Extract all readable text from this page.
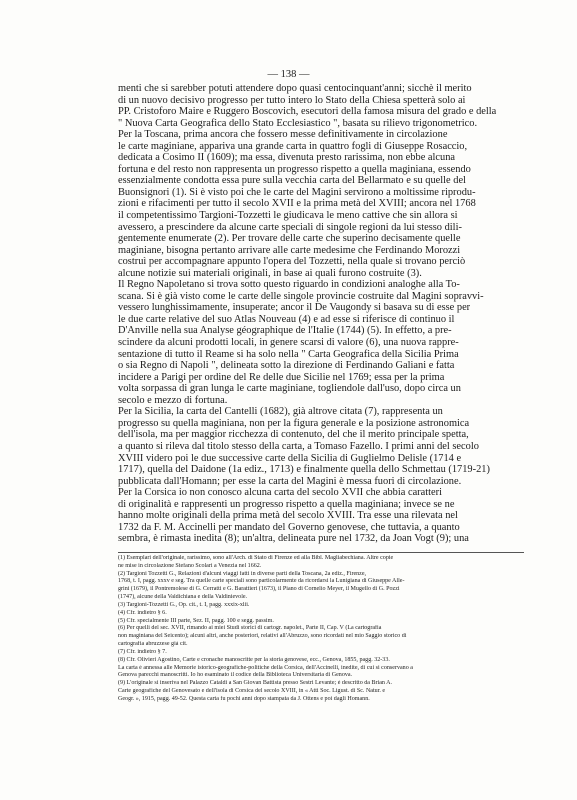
— 138 —
menti che si sarebber potuti attendere dopo quasi centocinquant'anni; sicchè il merito
di un nuovo decisivo progresso per tutto intero lo Stato della Chiesa spetterà solo ai
PP. Cristoforo Maire e Ruggero Boscovich, esecutori della famosa misura del grado e della
" Nuova Carta Geografica dello Stato Ecclesiastico ", basata su rilievo trigonometrico.
Per la Toscana, prima ancora che fossero messe definitivamente in circolazione
le carte maginiane, appariva una grande carta in quattro fogli di Giuseppe Rosaccio,
dedicata a Cosimo II (1609); ma essa, divenuta presto rarissima, non ebbe alcuna
fortuna e del resto non rappresenta un progresso rispetto a quella maginiana, essendo
essenzialmente condotta essa pure sulla vecchia carta del Bellarmato e su quelle del
Buonsignori (1). Si è visto poi che le carte del Magini servirono a moltissime riprodu-
zioni e rifacimenti per tutto il secolo XVII e la prima metà del XVIII; ancora nel 1768
il competentissimo Targioni-Tozzetti le giudicava le meno cattive che sin allora si
avessero, a prescindere da alcune carte speciali di singole regioni da lui stesso dili-
gentemente enumerate (2). Per trovare delle carte che superino decisamente quelle
maginiane, bisogna pertanto arrivare alle carte medesime che Ferdinando Morozzi
costruì per accompagnare appunto l'opera del Tozzetti, nella quale si trovano perciò
alcune notizie sui materiali originali, in base ai quali furono costruite (3).
Il Regno Napoletano si trova sotto questo riguardo in condizioni analoghe alla To-
scana. Si è già visto come le carte delle singole provincie costruite dal Magini sopravvi-
vessero lunghissimamente, insuperate; ancor il De Vaugondy si basava su di esse per
le due carte relative del suo Atlas Nouveau (4) e ad esse si riferisce di continuo il
D'Anville nella sua Analyse géographique de l'Italie (1744) (5). In effetto, a pre-
scindere da alcuni prodotti locali, in genere scarsi di valore (6), una nuova rappre-
sentazione di tutto il Reame si ha solo nella " Carta Geografica della Sicilia Prima
o sia Regno di Napoli ", delineata sotto la direzione di Ferdinando Galiani e fatta
incidere a Parigi per ordine del Re delle due Sicilie nel 1769; essa per la prima
volta sorpassa di gran lunga le carte maginiane, togliendole dall'uso, dopo circa un
secolo e mezzo di fortuna.
Per la Sicilia, la carta del Cantelli (1682), già altrove citata (7), rappresenta un
progresso su quella maginiana, non per la figura generale e la posizione astronomica
dell'isola, ma per maggior ricchezza di contenuto, del che il merito principale spetta,
a quanto si rileva dal titolo stesso della carta, a Tomaso Fazello. I primi anni del secolo
XVIII videro poi le due successive carte della Sicilia di Guglielmo Delisle (1714 e
1717), quella del Daidone (1a ediz., 1713) e finalmente quella dello Schmettau (1719-21)
pubblicata dall'Homann; per esse la carta del Magini è messa fuori di circolazione.
Per la Corsica io non conosco alcuna carta del secolo XVII che abbia caratteri
di originalità e rappresenti un progresso rispetto a quella maginiana; invece se ne
hanno molte originali della prima metà del secolo XVIII. Tra esse una rilevata nel
1732 da F. M. Accinelli per mandato del Governo genovese, che tuttavia, a quanto
sembra, è rimasta inedita (8); un'altra, delineata pure nel 1732, da Joan Vogt (9); una
(1) Esemplari dell'originale, rarissimo, sono all'Arch. di Stato di Firenze ed alla Bibl. Magliabechiana. Altre copie
ne mise in circolazione Stefano Scolari a Venezia nel 1662.
(2) Targioni Tozzetti G., Relazioni d'alcuni viaggi fatti in diverse parti della Toscana, 2a ediz., Firenze,
1768, t. I, pagg. xxxv e seg. Tra quelle carte speciali sono particolarmente da ricordarsi la Lunigiana di Giuseppe Alle-
grini (1679), il Pontremolese di G. Cerratti e G. Barattieri (1673), il Piano di Cornelio Meyer, il Mugello di G. Pozzi
(1747), alcune della Valdichiana e della Valdinievole.
(3) Targioni-Tozzetti G., Op. cit., t. I, pagg. xxxix-xlii.
(4) Cfr. indietro § 6.
(5) Cfr. specialmente III parte, Sez. II, pagg. 100 e segg. passim.
(6) Per quelli del sec. XVII, rimando ai miei Studi storici di cartogr. napolet., Parte II, Cap. V (La cartografia
non maginiana del Seicento); alcuni altri, anche posteriori, relativi all'Abruzzo, sono ricordati nel mio Saggio storico di
cartografia abruzzese già cit.
(7) Cfr. indietro § 7.
(8) Cfr. Olivieri Agostino, Carte e cronache manoscritte per la storia genovese, ecc., Genova, 1855, pagg. 32-33.
La carta è annessa alle Memorie istorico-geografiche-politiche della Corsica, dell'Accinelli, inedite, di cui si conservano a
Genova parecchi manoscritti. Io ho esaminato il codice della Biblioteca Universitaria di Genova.
(9) L'originale si inseriva nel Palazzo Cataldi a San Giovan Battista presso Sestri Levante; è descritto da Brian A.
Carte geografiche del Genovesato e dell'isola di Corsica del secolo XVIII, in « Atti Soc. Ligust. di Sc. Natur. e
Geogr. », 1915, pagg. 49-52. Questa carta fu pochi anni dopo stampata da J. Ottens e poi dagli Homann.
